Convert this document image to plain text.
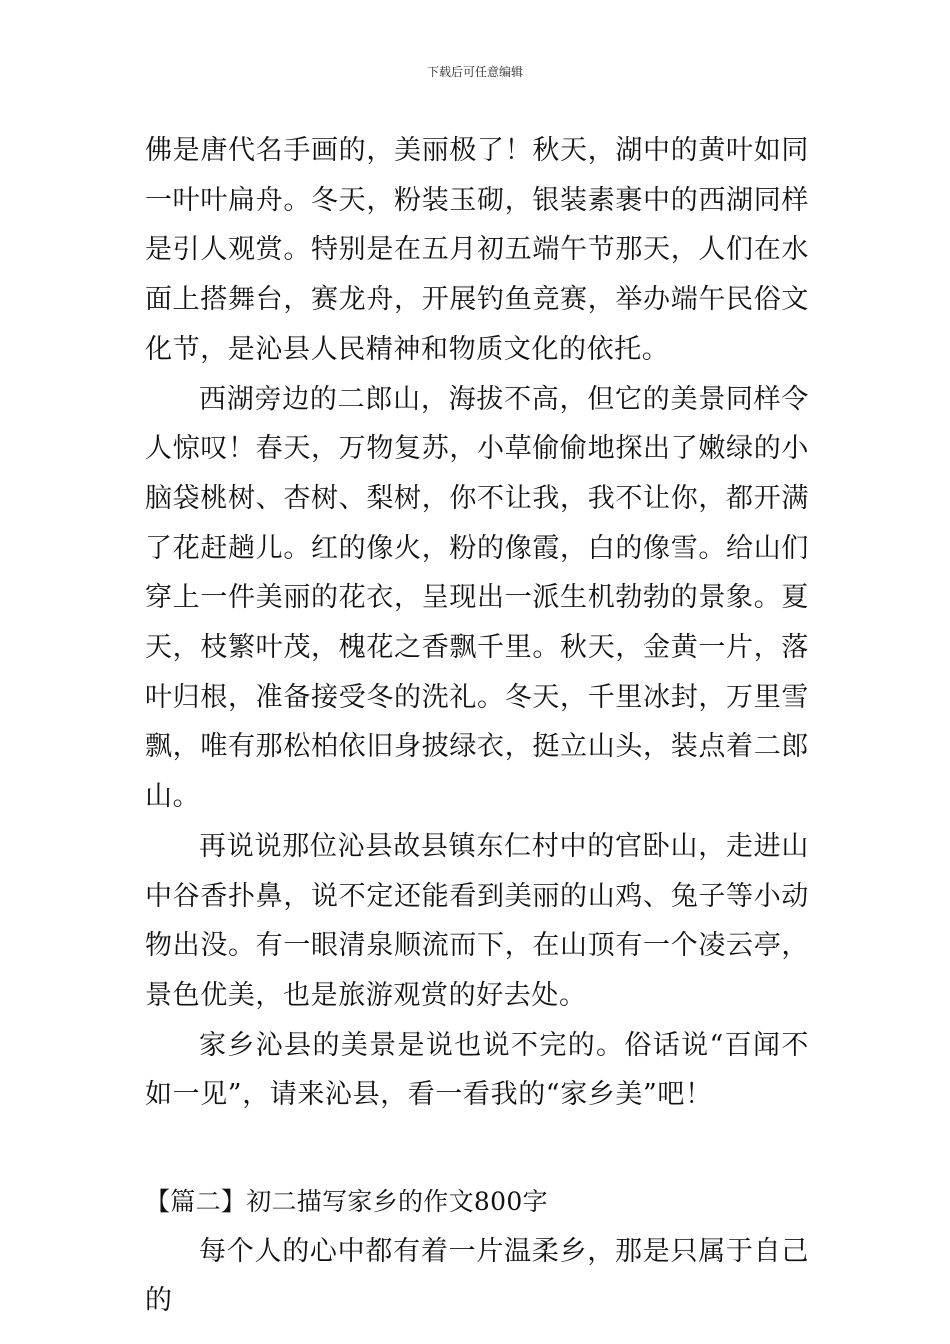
下载后可任意编辑

佛是唐代名手画的，美丽极了！秋天，湖中的黄叶如同一叶叶扁舟。冬天，粉装玉砌，银装素裹中的西湖同样是引人观赏。特别是在五月初五端午节那天，人们在水面上搭舞台，赛龙舟，开展钓鱼竞赛，举办端午民俗文化节，是沁县人民精神和物质文化的依托。

西湖旁边的二郎山，海拔不高，但它的美景同样令人惊叹！春天，万物复苏，小草偷偷地探出了嫩绿的小脑袋桃树、杏树、梨树，你不让我，我不让你，都开满了花赶趟儿。红的像火，粉的像霞，白的像雪。给山们穿上一件美丽的花衣，呈现出一派生机勃勃的景象。夏天，枝繁叶茂，槐花之香飘千里。秋天，金黄一片，落叶归根，准备接受冬的洗礼。冬天，千里冰封，万里雪飘，唯有那松柏依旧身披绿衣，挺立山头，装点着二郎山。

再说说那位沁县故县镇东仁村中的官卧山，走进山中谷香扑鼻，说不定还能看到美丽的山鸡、兔子等小动物出没。有一眼清泉顺流而下，在山顶有一个凌云亭，景色优美，也是旅游观赏的好去处。

家乡沁县的美景是说也说不完的。俗话说“百闻不如一见”，请来沁县，看一看我的“家乡美”吧！

【篇二】初二描写家乡的作文800字

每个人的心中都有着一片温柔乡，那是只属于自己的
